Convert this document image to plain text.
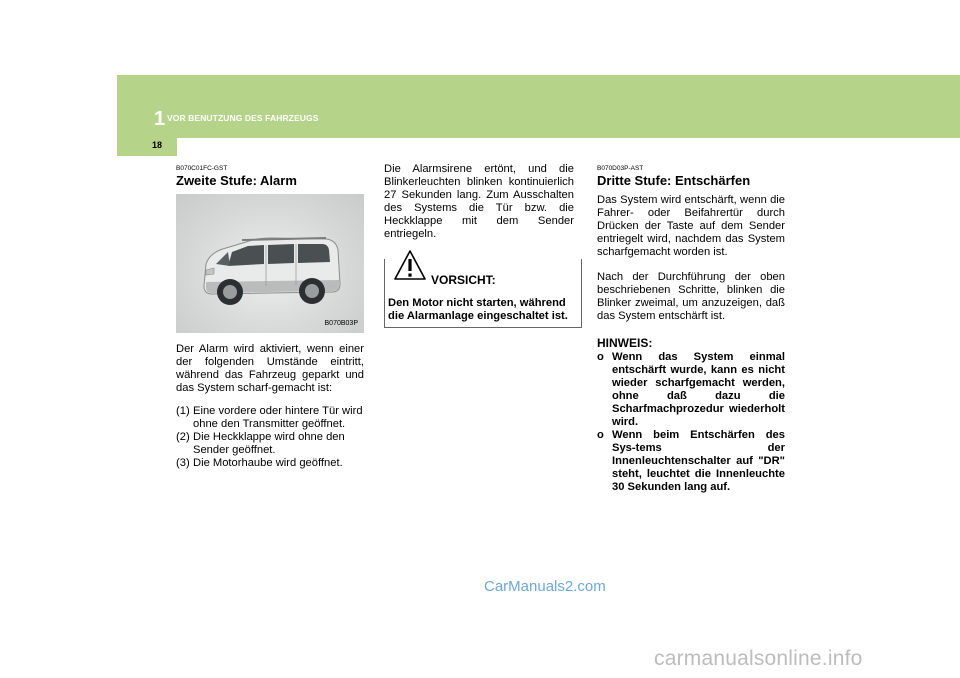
1 VOR BENUTZUNG DES FAHRZEUGS
18
B070C01FC-GST
Zweite Stufe: Alarm
B070B03P

Der Alarm wird aktiviert, wenn einer der folgenden Umstände eintritt, während das Fahrzeug geparkt und das System scharf-gemacht ist:

(1) Eine vordere oder hintere Tür wird ohne den Transmitter geöffnet.
(2) Die Heckklappe wird ohne den Sender geöffnet.
(3) Die Motorhaube wird geöffnet.

Die Alarmsirene ertönt, und die Blinkerleuchten blinken kontinuierlich 27 Sekunden lang. Zum Ausschalten des Systems die Tür bzw. die Heckklappe mit dem Sender entriegeln.

VORSICHT:
Den Motor nicht starten, während die Alarmanlage eingeschaltet ist.
B070D03P-AST
Dritte Stufe: Entschärfen

Das System wird entschärft, wenn die Fahrer- oder Beifahrertür durch Drücken der Taste auf dem Sender entriegelt wird, nachdem das System scharfgemacht worden ist.

Nach der Durchführung der oben beschriebenen Schritte, blinken die Blinker zweimal, um anzuzeigen, daß das System entschärft ist.

HINWEIS:
o Wenn das System einmal entschärft wurde, kann es nicht wieder scharfgemacht werden, ohne daß dazu die Scharfmachprozedur wiederholt wird.
o Wenn beim Entschärfen des Sys-tems der Innenleuchtenschalter auf "DR" steht, leuchtet die Innenleuchte 30 Sekunden lang auf.
CarManuals2.com
carmanualsonline.info
